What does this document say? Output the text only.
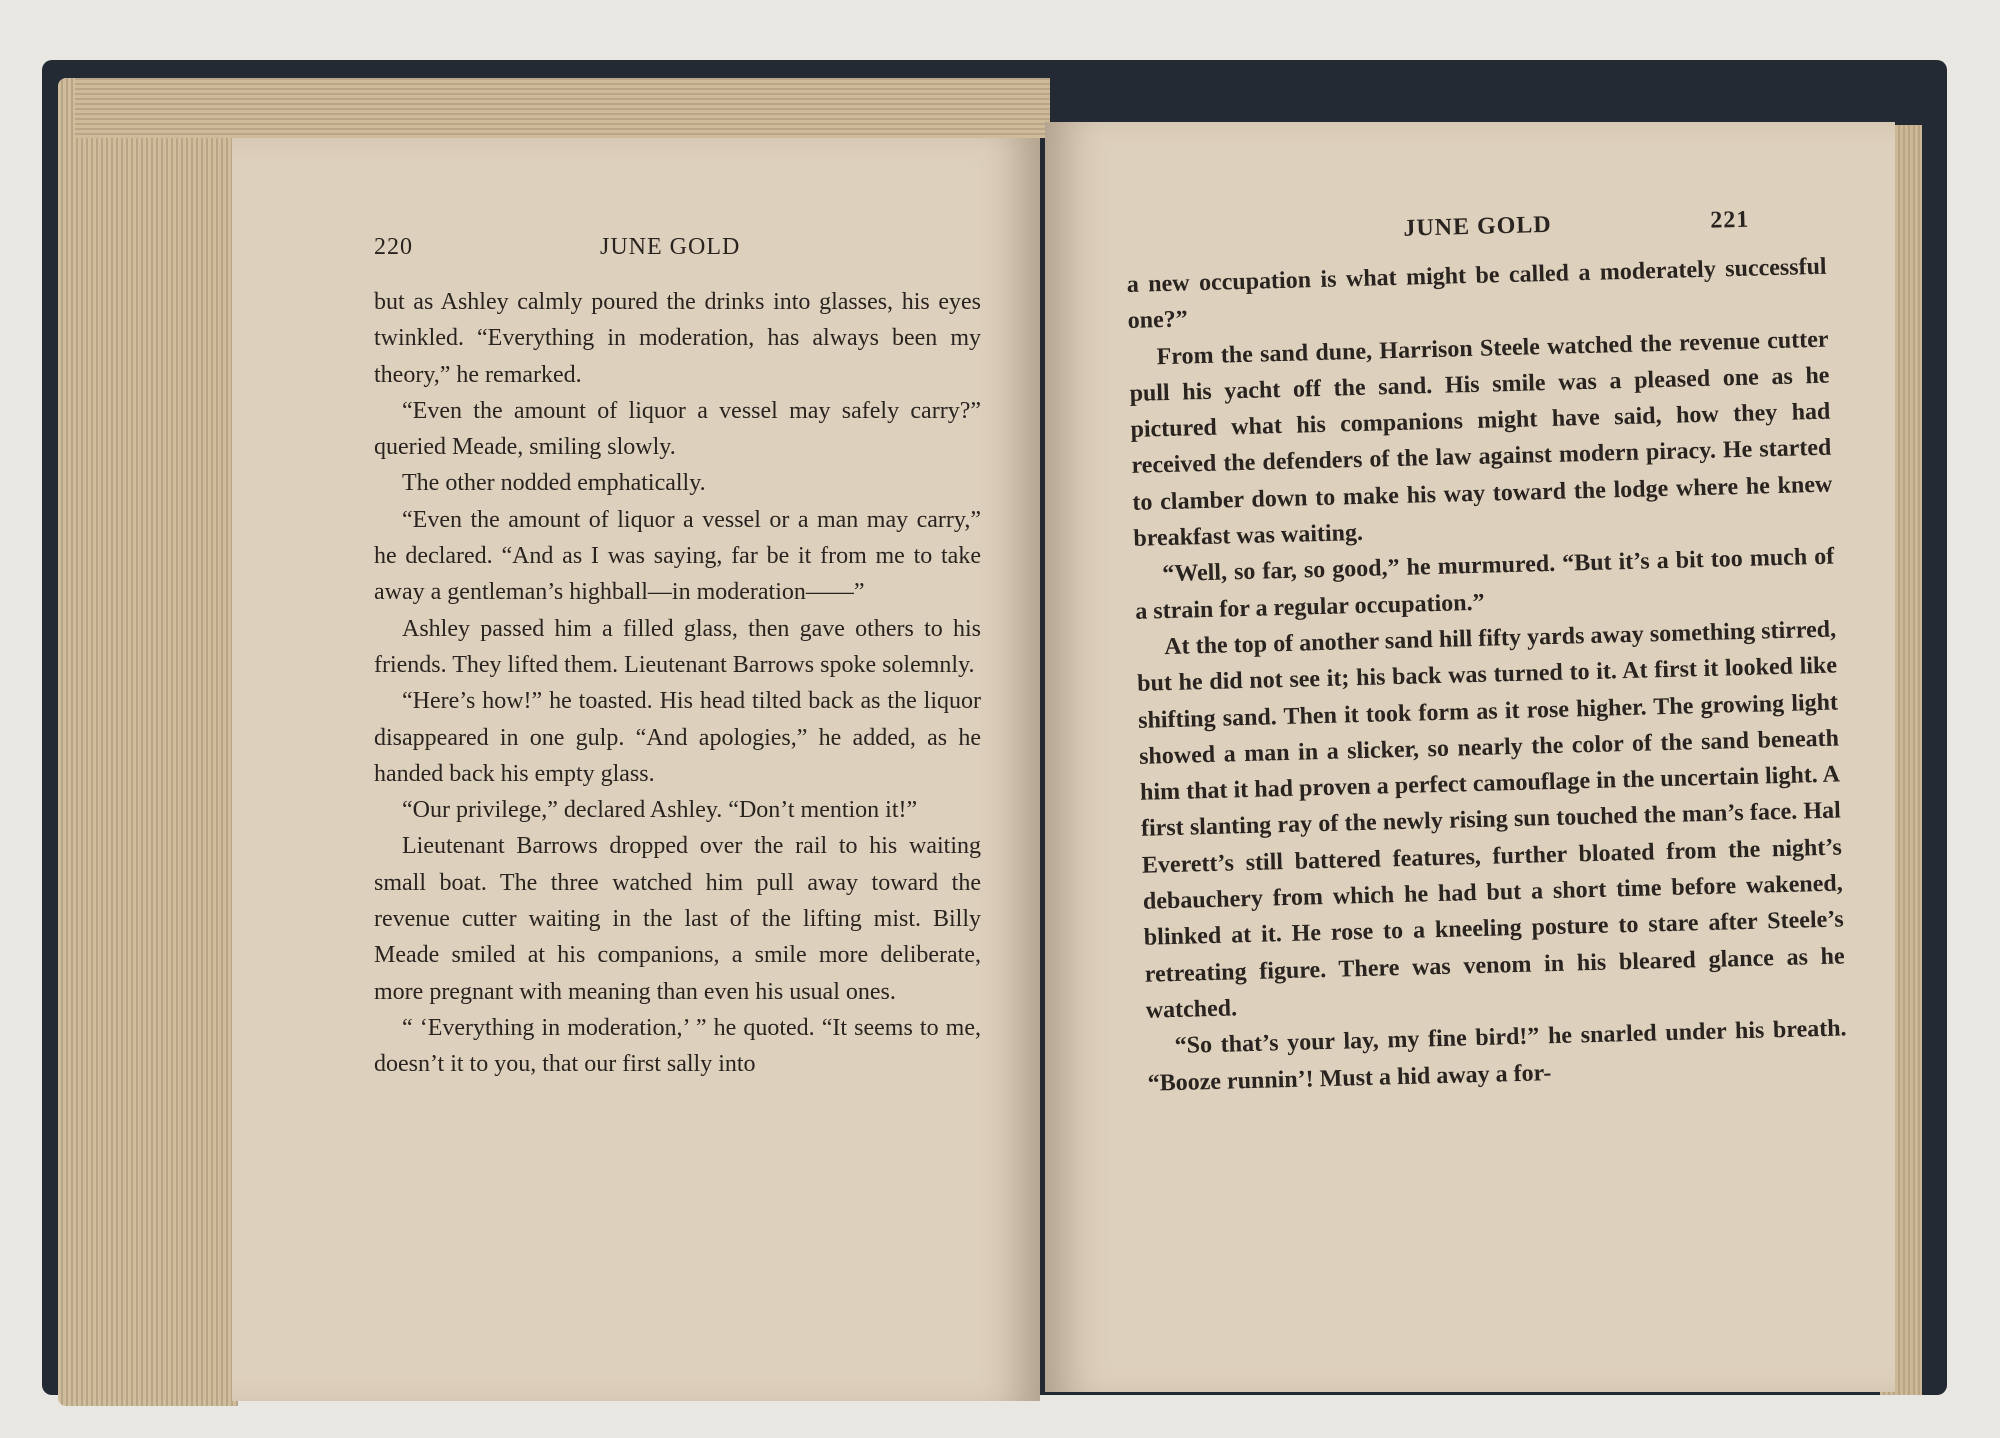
220	JUNE GOLD

but as Ashley calmly poured the drinks into glasses, his eyes twinkled. “Everything in moderation, has always been my theory,” he remarked.

“Even the amount of liquor a vessel may safely carry?” queried Meade, smiling slowly.

The other nodded emphatically.

“Even the amount of liquor a vessel or a man may carry,” he declared. “And as I was saying, far be it from me to take away a gentleman’s highball—in moderation——”

Ashley passed him a filled glass, then gave others to his friends. They lifted them. Lieutenant Barrows spoke solemnly.

“Here’s how!” he toasted. His head tilted back as the liquor disappeared in one gulp. “And apologies,” he added, as he handed back his empty glass.

“Our privilege,” declared Ashley. “Don’t mention it!”

Lieutenant Barrows dropped over the rail to his waiting small boat. The three watched him pull away toward the revenue cutter waiting in the last of the lifting mist. Billy Meade smiled at his companions, a smile more deliberate, more pregnant with meaning than even his usual ones.

“ ‘Everything in moderation,’ ” he quoted. “It seems to me, doesn’t it to you, that our first sally into

JUNE GOLD	221

a new occupation is what might be called a moderately successful one?”

From the sand dune, Harrison Steele watched the revenue cutter pull his yacht off the sand. His smile was a pleased one as he pictured what his companions might have said, how they had received the defenders of the law against modern piracy. He started to clamber down to make his way toward the lodge where he knew breakfast was waiting.

“Well, so far, so good,” he murmured. “But it’s a bit too much of a strain for a regular occupation.”

At the top of another sand hill fifty yards away something stirred, but he did not see it; his back was turned to it. At first it looked like shifting sand. Then it took form as it rose higher. The growing light showed a man in a slicker, so nearly the color of the sand beneath him that it had proven a perfect camouflage in the uncertain light. A first slanting ray of the newly rising sun touched the man’s face. Hal Everett’s still battered features, further bloated from the night’s debauchery from which he had but a short time before wakened, blinked at it. He rose to a kneeling posture to stare after Steele’s retreating figure. There was venom in his bleared glance as he watched.

“So that’s your lay, my fine bird!” he snarled under his breath. “Booze runnin’! Must a hid away a for-
